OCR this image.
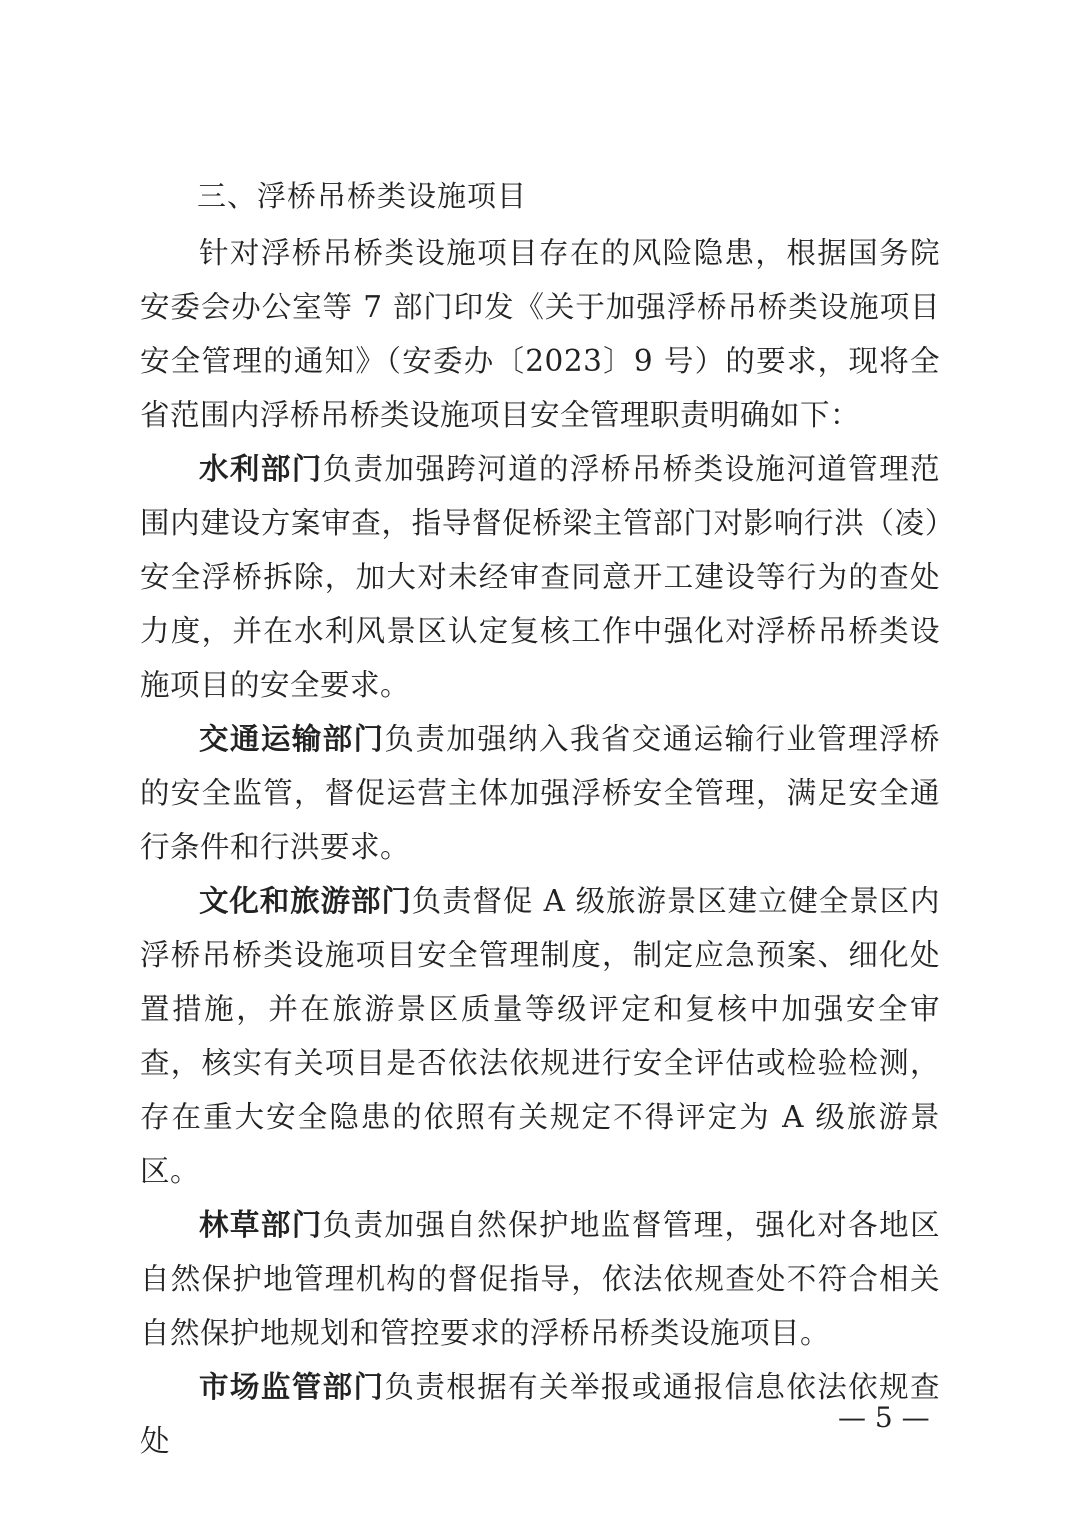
三、浮桥吊桥类设施项目

针对浮桥吊桥类设施项目存在的风险隐患，根据国务院安委会办公室等 7 部门印发《关于加强浮桥吊桥类设施项目安全管理的通知》（安委办〔2023〕9 号）的要求，现将全省范围内浮桥吊桥类设施项目安全管理职责明确如下：

水利部门负责加强跨河道的浮桥吊桥类设施河道管理范围内建设方案审查，指导督促桥梁主管部门对影响行洪（凌）安全浮桥拆除，加大对未经审查同意开工建设等行为的查处力度，并在水利风景区认定复核工作中强化对浮桥吊桥类设施项目的安全要求。

交通运输部门负责加强纳入我省交通运输行业管理浮桥的安全监管，督促运营主体加强浮桥安全管理，满足安全通行条件和行洪要求。

文化和旅游部门负责督促 A 级旅游景区建立健全景区内浮桥吊桥类设施项目安全管理制度，制定应急预案、细化处置措施，并在旅游景区质量等级评定和复核中加强安全审查，核实有关项目是否依法依规进行安全评估或检验检测，存在重大安全隐患的依照有关规定不得评定为 A 级旅游景区。

林草部门负责加强自然保护地监督管理，强化对各地区自然保护地管理机构的督促指导，依法依规查处不符合相关自然保护地规划和管控要求的浮桥吊桥类设施项目。

市场监管部门负责根据有关举报或通报信息依法依规查处

— 5 —
